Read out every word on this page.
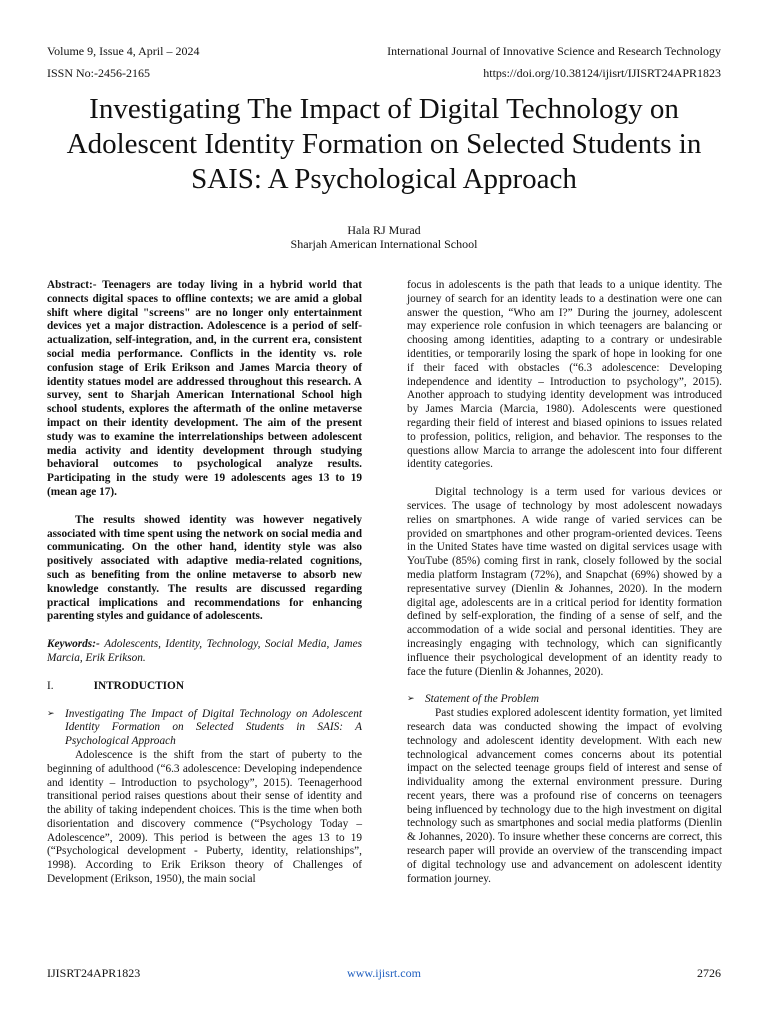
Volume 9, Issue 4, April – 2024	International Journal of Innovative Science and Research Technology
ISSN No:-2456-2165	https://doi.org/10.38124/ijisrt/IJISRT24APR1823
Investigating The Impact of Digital Technology on Adolescent Identity Formation on Selected Students in SAIS: A Psychological Approach
Hala RJ Murad
Sharjah American International School

Abstract:- Teenagers are today living in a hybrid world that connects digital spaces to offline contexts; we are amid a global shift where digital "screens" are no longer only entertainment devices yet a major distraction. Adolescence is a period of self-actualization, self-integration, and, in the current era, consistent social media performance. Conflicts in the identity vs. role confusion stage of Erik Erikson and James Marcia theory of identity statues model are addressed throughout this research. A survey, sent to Sharjah American International School high school students, explores the aftermath of the online metaverse impact on their identity development. The aim of the present study was to examine the interrelationships between adolescent media activity and identity development through studying behavioral outcomes to psychological analyze results. Participating in the study were 19 adolescents ages 13 to 19 (mean age 17).

The results showed identity was however negatively associated with time spent using the network on social media and communicating. On the other hand, identity style was also positively associated with adaptive media-related cognitions, such as benefiting from the online metaverse to absorb new knowledge constantly. The results are discussed regarding practical implications and recommendations for enhancing parenting styles and guidance of adolescents.

Keywords:- Adolescents, Identity, Technology, Social Media, James Marcia, Erik Erikson.

I.	INTRODUCTION

➢ Investigating The Impact of Digital Technology on Adolescent Identity Formation on Selected Students in SAIS: A Psychological Approach

Adolescence is the shift from the start of puberty to the beginning of adulthood (“6.3 adolescence: Developing independence and identity – Introduction to psychology”, 2015). Teenagerhood transitional period raises questions about their sense of identity and the ability of taking independent choices. This is the time when both disorientation and discovery commence (“Psychology Today – Adolescence”, 2009). This period is between the ages 13 to 19 (“Psychological development - Puberty, identity, relationships”, 1998). According to Erik Erikson theory of Challenges of Development (Erikson, 1950), the main social

focus in adolescents is the path that leads to a unique identity. The journey of search for an identity leads to a destination were one can answer the question, “Who am I?” During the journey, adolescent may experience role confusion in which teenagers are balancing or choosing among identities, adapting to a contrary or undesirable identities, or temporarily losing the spark of hope in looking for one if their faced with obstacles (“6.3 adolescence: Developing independence and identity – Introduction to psychology”, 2015). Another approach to studying identity development was introduced by James Marcia (Marcia, 1980). Adolescents were questioned regarding their field of interest and biased opinions to issues related to profession, politics, religion, and behavior. The responses to the questions allow Marcia to arrange the adolescent into four different identity categories.

Digital technology is a term used for various devices or services. The usage of technology by most adolescent nowadays relies on smartphones. A wide range of varied services can be provided on smartphones and other program-oriented devices. Teens in the United States have time wasted on digital services usage with YouTube (85%) coming first in rank, closely followed by the social media platform Instagram (72%), and Snapchat (69%) showed by a representative survey (Dienlin & Johannes, 2020). In the modern digital age, adolescents are in a critical period for identity formation defined by self-exploration, the finding of a sense of self, and the accommodation of a wide social and personal identities. They are increasingly engaging with technology, which can significantly influence their psychological development of an identity ready to face the future (Dienlin & Johannes, 2020).

➢ Statement of the Problem

Past studies explored adolescent identity formation, yet limited research data was conducted showing the impact of evolving technology and adolescent identity development. With each new technological advancement comes concerns about its potential impact on the selected teenage groups field of interest and sense of individuality among the external environment pressure. During recent years, there was a profound rise of concerns on teenagers being influenced by technology due to the high investment on digital technology such as smartphones and social media platforms (Dienlin & Johannes, 2020). To insure whether these concerns are correct, this research paper will provide an overview of the transcending impact of digital technology use and advancement on adolescent identity formation journey.

IJISRT24APR1823	www.ijisrt.com	2726
